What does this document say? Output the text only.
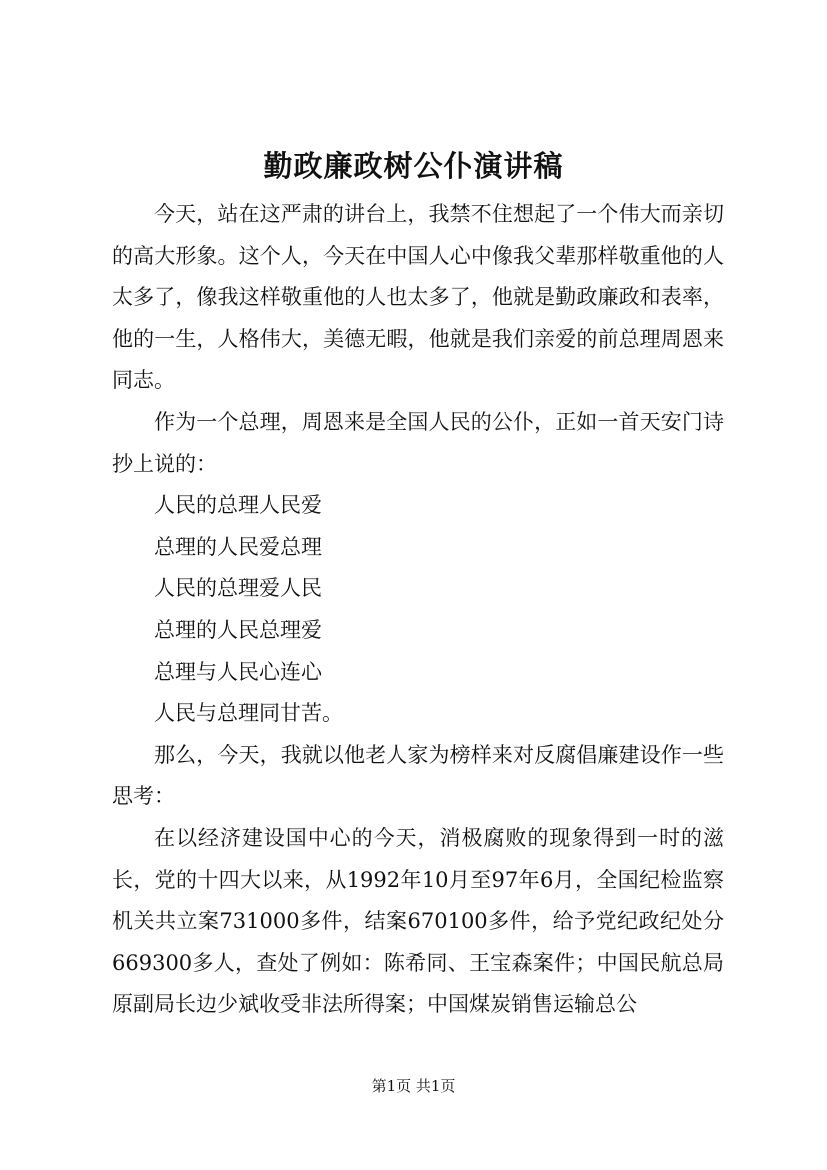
勤政廉政树公仆演讲稿

今天，站在这严肃的讲台上，我禁不住想起了一个伟大而亲切的高大形象。这个人，今天在中国人心中像我父辈那样敬重他的人太多了，像我这样敬重他的人也太多了，他就是勤政廉政和表率，他的一生，人格伟大，美德无暇，他就是我们亲爱的前总理周恩来同志。

作为一个总理，周恩来是全国人民的公仆，正如一首天安门诗抄上说的：

人民的总理人民爱

总理的人民爱总理

人民的总理爱人民

总理的人民总理爱

总理与人民心连心

人民与总理同甘苦。

那么，今天，我就以他老人家为榜样来对反腐倡廉建设作一些思考：

在以经济建设国中心的今天，消极腐败的现象得到一时的滋长，党的十四大以来，从1992年10月至97年6月，全国纪检监察机关共立案731000多件，结案670100多件，给予党纪政纪处分669300多人，查处了例如：陈希同、王宝森案件；中国民航总局原副局长边少斌收受非法所得案；中国煤炭销售运输总公

第1页 共1页
